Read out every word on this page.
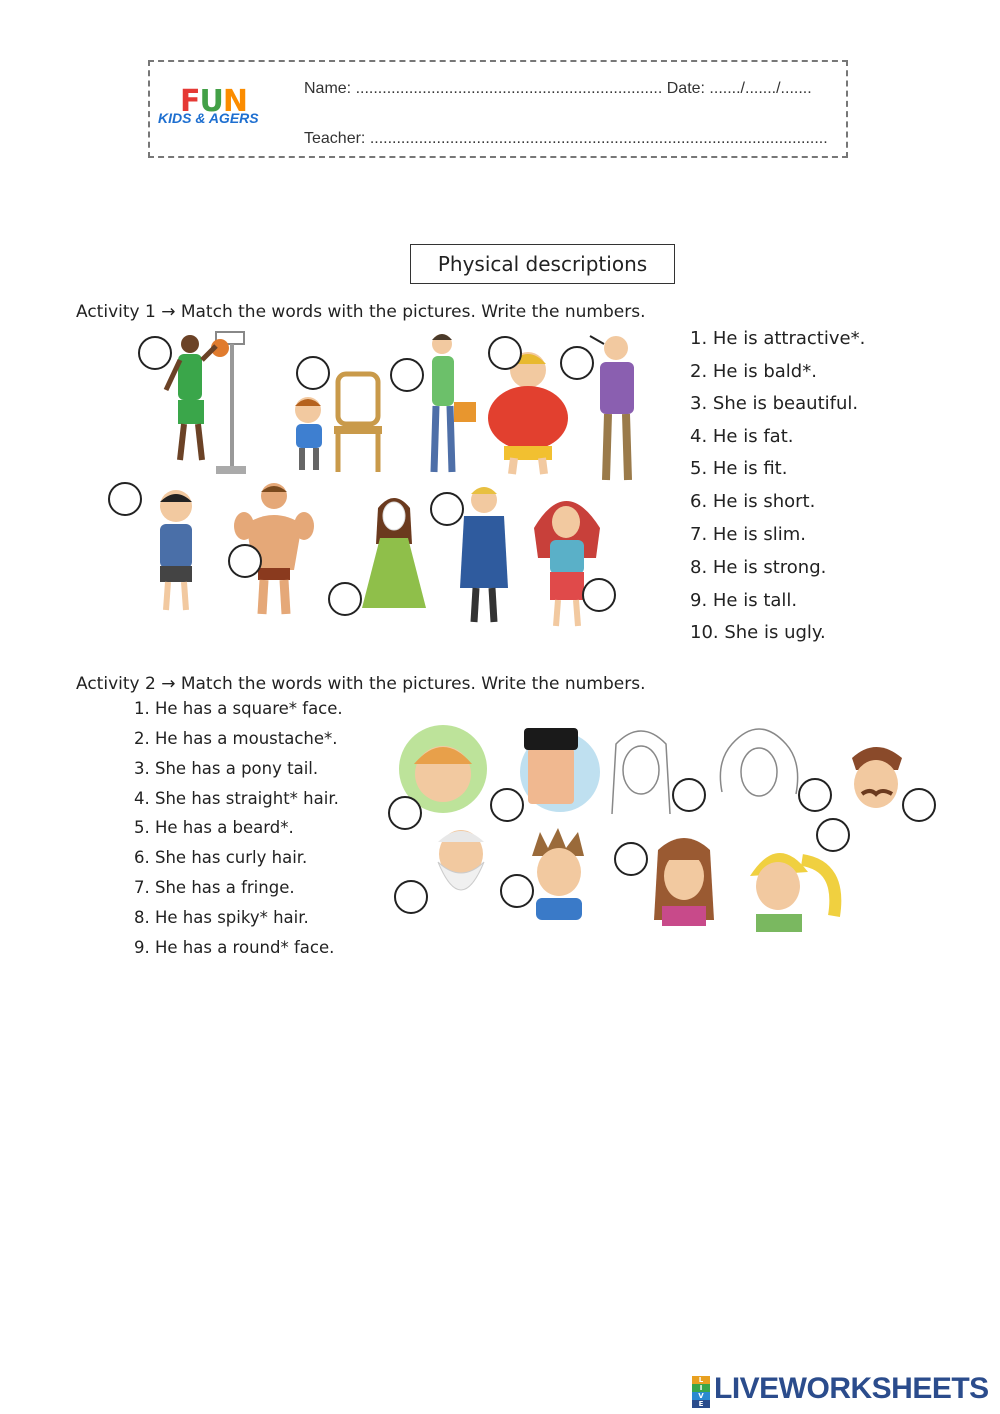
FUN
KIDS & AGERS
Name: ..................................................................... Date: ......./......./.......
Teacher: .......................................................................................................
Physical descriptions
Activity 1 → Match the words with the pictures. Write the numbers.
1. He is attractive*.
2. He is bald*.
3. She is beautiful.
4. He is fat.
5. He is fit.
6. He is short.
7. He is slim.
8. He is strong.
9. He is tall.
10. She is ugly.
Activity 2 → Match the words with the pictures. Write the numbers.
1. He has a square* face.
2. He has a moustache*.
3. She has a pony tail.
4. She has straight* hair.
5. He has a beard*.
6. She has curly hair.
7. She has a fringe.
8. He has spiky* hair.
9. He has a round* face.
L
I
V
E LIVEWORKSHEETS
